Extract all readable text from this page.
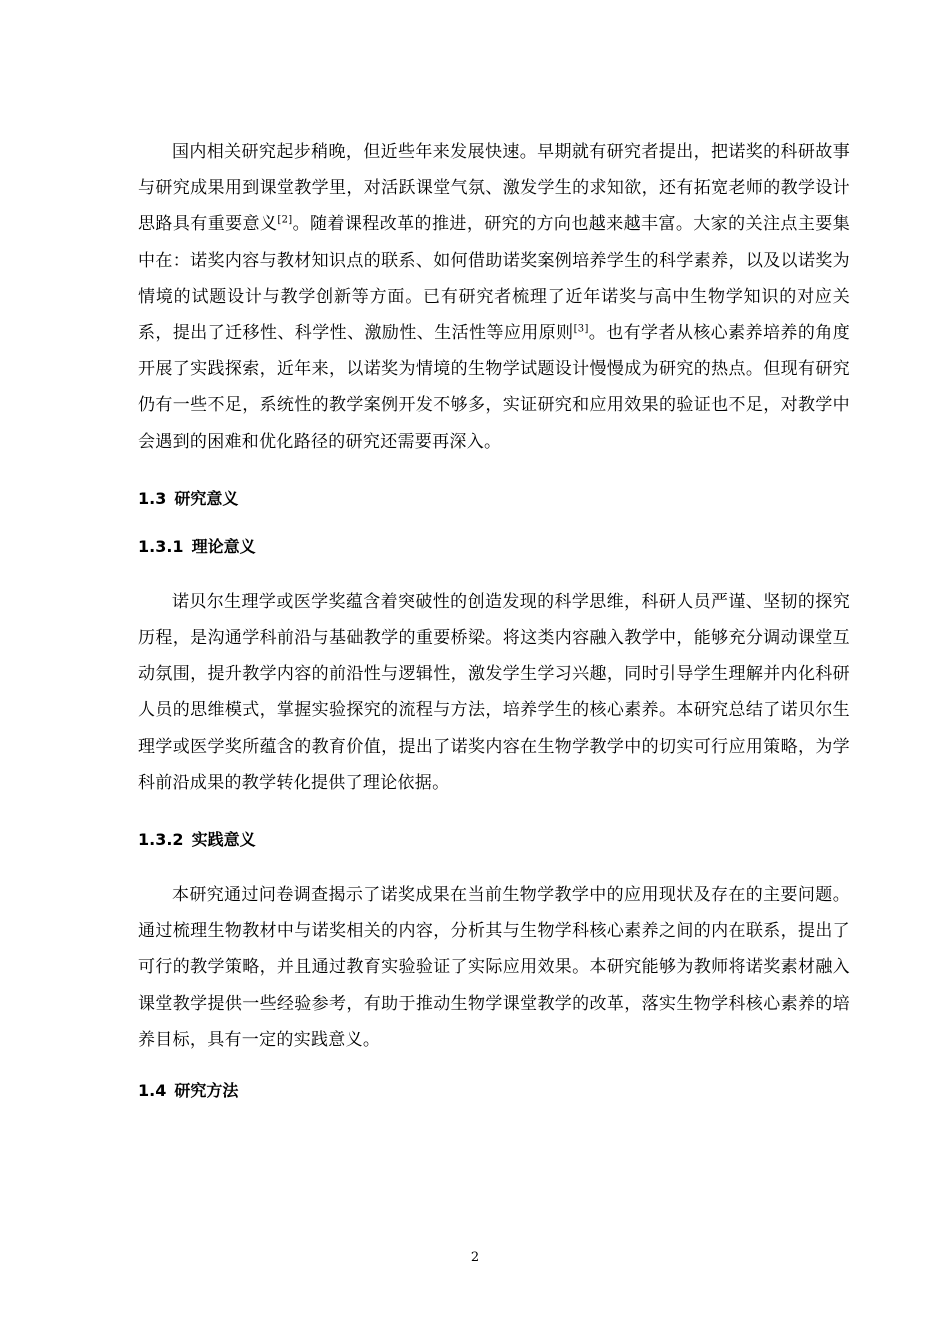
国内相关研究起步稍晚，但近些年来发展快速。早期就有研究者提出，把诺奖的科研故事与研究成果用到课堂教学里，对活跃课堂气氛、激发学生的求知欲，还有拓宽老师的教学设计思路具有重要意义[2]。随着课程改革的推进，研究的方向也越来越丰富。大家的关注点主要集中在：诺奖内容与教材知识点的联系、如何借助诺奖案例培养学生的科学素养，以及以诺奖为情境的试题设计与教学创新等方面。已有研究者梳理了近年诺奖与高中生物学知识的对应关系，提出了迁移性、科学性、激励性、生活性等应用原则[3]。也有学者从核心素养培养的角度开展了实践探索，近年来，以诺奖为情境的生物学试题设计慢慢成为研究的热点。但现有研究仍有一些不足，系统性的教学案例开发不够多，实证研究和应用效果的验证也不足，对教学中会遇到的困难和优化路径的研究还需要再深入。

1.3 研究意义
1.3.1 理论意义

诺贝尔生理学或医学奖蕴含着突破性的创造发现的科学思维，科研人员严谨、坚韧的探究历程，是沟通学科前沿与基础教学的重要桥梁。将这类内容融入教学中，能够充分调动课堂互动氛围，提升教学内容的前沿性与逻辑性，激发学生学习兴趣，同时引导学生理解并内化科研人员的思维模式，掌握实验探究的流程与方法，培养学生的核心素养。本研究总结了诺贝尔生理学或医学奖所蕴含的教育价值，提出了诺奖内容在生物学教学中的切实可行应用策略，为学科前沿成果的教学转化提供了理论依据。

1.3.2 实践意义

本研究通过问卷调查揭示了诺奖成果在当前生物学教学中的应用现状及存在的主要问题。通过梳理生物教材中与诺奖相关的内容，分析其与生物学科核心素养之间的内在联系，提出了可行的教学策略，并且通过教育实验验证了实际应用效果。本研究能够为教师将诺奖素材融入课堂教学提供一些经验参考，有助于推动生物学课堂教学的改革，落实生物学科核心素养的培养目标，具有一定的实践意义。

1.4 研究方法
2
